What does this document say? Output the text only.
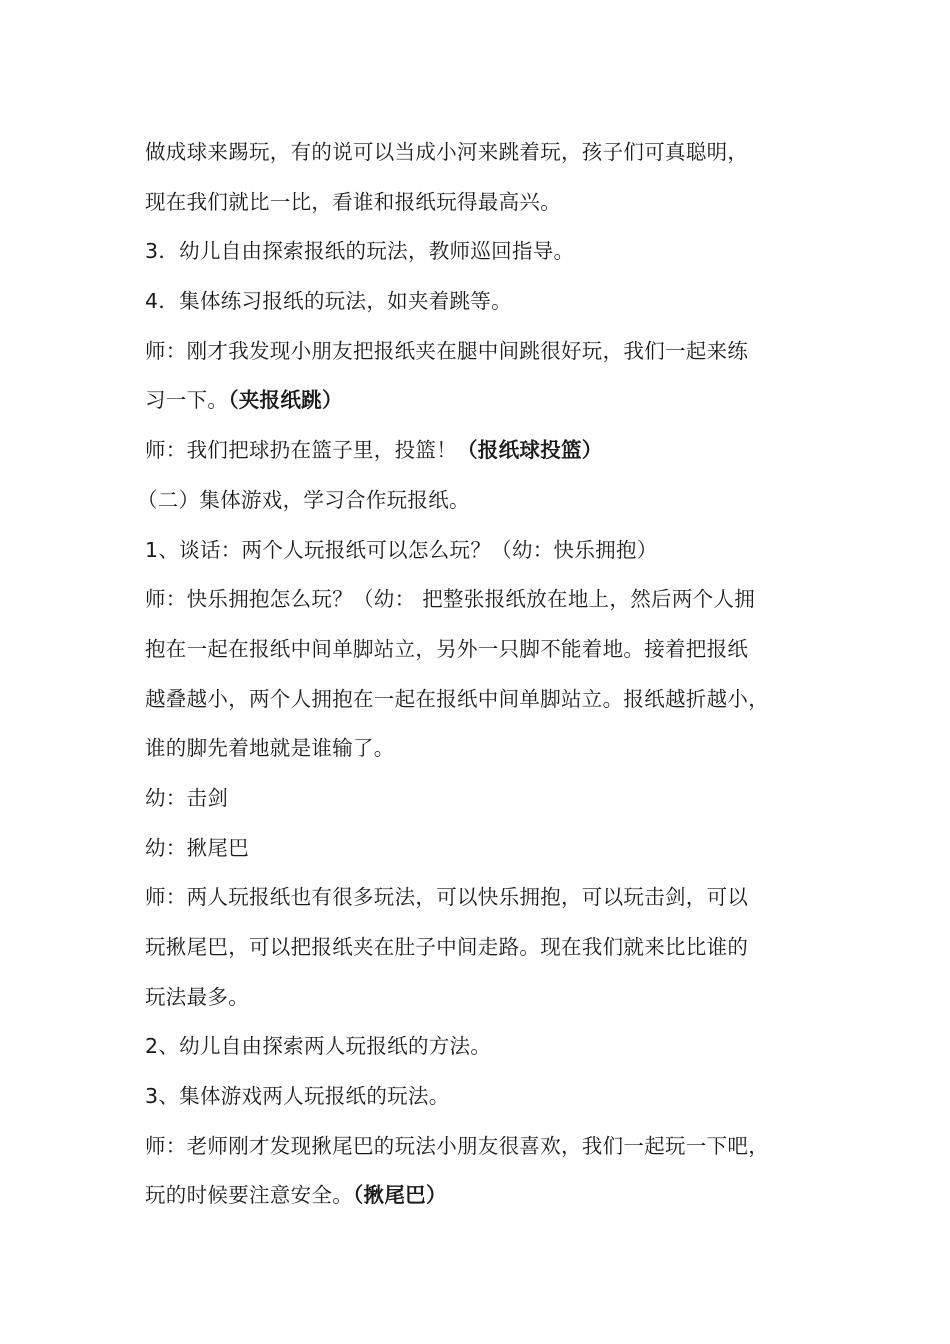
做成球来踢玩，有的说可以当成小河来跳着玩，孩子们可真聪明，
现在我们就比一比，看谁和报纸玩得最高兴。
3．幼儿自由探索报纸的玩法，教师巡回指导。
4．集体练习报纸的玩法，如夹着跳等。
师：刚才我发现小朋友把报纸夹在腿中间跳很好玩，我们一起来练
习一下。（夹报纸跳）
师：我们把球扔在篮子里，投篮！（报纸球投篮）
（二）集体游戏，学习合作玩报纸。
1、谈话：两个人玩报纸可以怎么玩？（幼：快乐拥抱）
师：快乐拥抱怎么玩？（幼： 把整张报纸放在地上，然后两个人拥
抱在一起在报纸中间单脚站立，另外一只脚不能着地。接着把报纸
越叠越小，两个人拥抱在一起在报纸中间单脚站立。报纸越折越小，
谁的脚先着地就是谁输了。
幼：击剑
幼：揪尾巴
师：两人玩报纸也有很多玩法，可以快乐拥抱，可以玩击剑，可以
玩揪尾巴，可以把报纸夹在肚子中间走路。现在我们就来比比谁的
玩法最多。
2、幼儿自由探索两人玩报纸的方法。
3、集体游戏两人玩报纸的玩法。
师：老师刚才发现揪尾巴的玩法小朋友很喜欢，我们一起玩一下吧，
玩的时候要注意安全。（揪尾巴）
